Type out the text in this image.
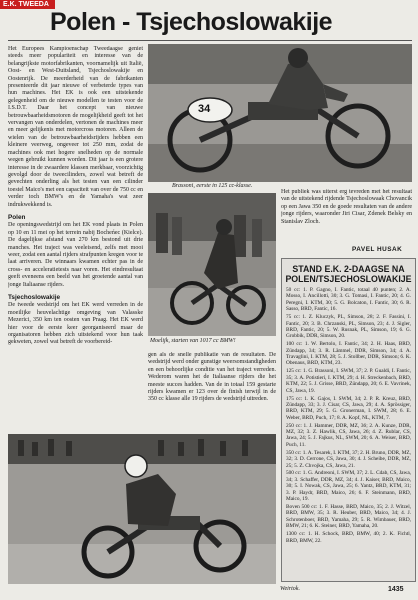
E.K. TWEEDA
Polen - Tsjechoslowakije

Het Europees Kampioenschap Tweedaagse geniet steeds meer populariteit en interesse van de belangrijkste motorfabrikanten, voornamelijk uit Italië, Oost- en West-Duitsland, Tsjechoslowakije en Oostenrijk. De meerderheid van de fabrikanten presenteerde dit jaar nieuwe of verbeterde types van hun machines. Het EK is ook een uitstekende gelegenheid om de nieuwe modellen te testen voor de I.S.D.T. Daar het concept van nieuwe betrouwbaarheidsmotoren de mogelijkheid geeft tot het vervangen van onderdelen, vertonen de machines meer en meer gelijkenis met motorcross motoren. Alleen de wielen van de betrouwbaarheidsrijders hebben een kleinere veerweg, ongeveer tot 250 mm, zodat de machines ook met hogere snelheden op de normale wegen gebruikt kunnen worden. Dit jaar is een grotere interesse in de zwaardere klassen merkbaar, voorzichtig gevolgd door de tweecilinders, zowel wat betreft de gevechten onderling als het testen van een cilinder toestel Maico's met een capaciteit van over de 750 cc en verder toch BMW's en de Yamaha's wat zeer indrukwekkend is.

Polen

De openingswedstrijd om het EK vond plaats in Polen op 10 en 11 mei op het terrein nabij Bocheńec (Kielce). De dagelijkse afstand van 270 km bestond uit drie manches. Het traject was veeleisend, zelfs met mooi weer, zodat een aantal rijders strafpunten kregen voor te laat arriveren. De winnaars kwamen echter pas in de cross- en acceleratietests naar voren. Het eindresultaat geeft eveneens een beeld van het groeiende aantal van jonge Italiaanse rijders.

Tsjechoslowakije

De tweede wedstrijd om het EK werd verreden in de moeilijke heuvelachtige omgeving van Valasske Mezerici, 350 km ten oosten van Praag. Het EK werd hier voor de eerste keer georganiseerd maar de organisatoren hebben zich uitstekend voor hun taak gekweten, zowel wat betreft de voorbereid-

34
Brassoni, eerste in 125 cc-klasse.
Moelijk, starten van 1017 cc BMW!

gen als de snelle publikatie van de resultaten. De wedstrijd werd onder gunstige weersomstandigheden en een behoorlijke conditie van het traject verreden. Wederom waren het de Italiaanse rijders die het meeste succes hadden. Van de in totaal 159 gestarte rijders kwamen er 123 over de finish terwijl in de 350 cc klasse alle 19 rijders de wedstrijd uitreden.

Het publiek was uiterst erg tevreden met het resultaat van de uitstekend rijdende Tsjechoslowaak Chovancik op een Jawa 350 en de goede resultaten van de andere jonge rijders, waaronder Jiri Cisar, Zdenek Belsky en Stanislav Zloch.

PAVEL HUSAK
STAND E.K. 2-DAAGSE NA POLEN/TSJECHOSLOWAKIJE

50 cc: 1. P. Gagno, I. Fantic, totaal 40 punten; 2. A. Mosso, I. Ancillotti, 30; 3. G. Tomasi, I. Fantic, 20; 4. G. Peregni, I. KTM, 30; 5. G. Bolcaton, I. Fantic, 30; 6. R. Sasso, BRD, Fantic, 16.

75 cc: 1. Z. Kluczyk, PL, Simson, 28; 2. F. Fassini, I. Fantic, 20; 3. B. Chrzanski, PL, Simson, 23; 4. J. Sigler, BRD, Fantic, 20; 5. W. Rusnak, PL, Simson, 19; 6. G. Grobbik, DDR, Simson, 20.

100 cc: 1. W. Bertolo, I. Fantic, 34; 2. H. Haas, BRD, Zündapp, 34; 3. R. Lämmel, DDR, Simson, 34; 4. A. Travaglini, I. KTM, 28; 5. J. Stollber, DDR, Simson; 6. K. Obenaus, BRD, KTM, 23.

125 cc: 1. G. Brassoni, I. SWM, 37; 2. P. Gualdi, I. Fantic, 35; 3. A. Potistieri, I. KTM, 29; 4. H. Streckenbach, BRD, KTM, 22; 5. J. Grisse, BRD, Zündapp, 20; 6. E. Vavrinek, CS, Jawa, 19.

175 cc: 1. K. Gajos, I. SWM, 34; 2. P. R. Kreuz, BRD, Zündapp, 33; 3. J. Cisar, CS, Jawa, 29; 4. A. Sprössiger, BRD, KTM, 29; 5. G. Gronerman, I. SWM, 28; 6. E. Weber, BRD, Puch, 17; 8. A. Kopf, NL, KTM, 7.

250 cc: 1. J. Hammer, DDR, MZ, 36; 2. A. Kunze, DDR, MZ, 32; 3. Z. Hawlik, CS, Jawa, 26; 4. Z. Rublar, CS, Jawa, 24; 5. J. Fajkus, NL, SWM, 20; 6. A. Weiser, BRD, Puch, 11.

350 cc: 1. A. Tesarek, I. KTM, 37; 2. H. Bruno, DDR, MZ, 32; 3. D. Cerrone, CS, Jawa, 30; 4. J. Scheibe, DDR, MZ, 25; 5. Z. Chvojka, CS, Jawa, 21.

500 cc: 1. G. Andreoni, I. SWM, 37; 2. L. Cdab, CS, Jawa, 34; 3. Schaffer, DDR, MZ, 34; 4. J. Kaiser, BRD, Maico, 30; 5. I. Nowak, CS, Jawa, 25; 6. Yantz, BRD, KTM, 31; 3. P. Haydr, BRD, Maico, 26; 6. F. Steinmann, BRD, Maico, 19.

Boven 500 cc: 1. F. Hasse, BRD, Maico, 35; 2. J. Witzel, BRD, BMW, 35; 3. R. Heuber, BRD, Maico, 34; 4. J. Schrotenboer, BRD, Yamaha, 29; 5. R. Wimbauer, BRD, BMW, 21; 6. K. Steiner, BRD, Yamaha, 20.

1300 cc: 1. H. Schock, BRD, BMW, 40; 2. K. Fichtl, BRD, BMW, 22.

Weirtok.	1435
